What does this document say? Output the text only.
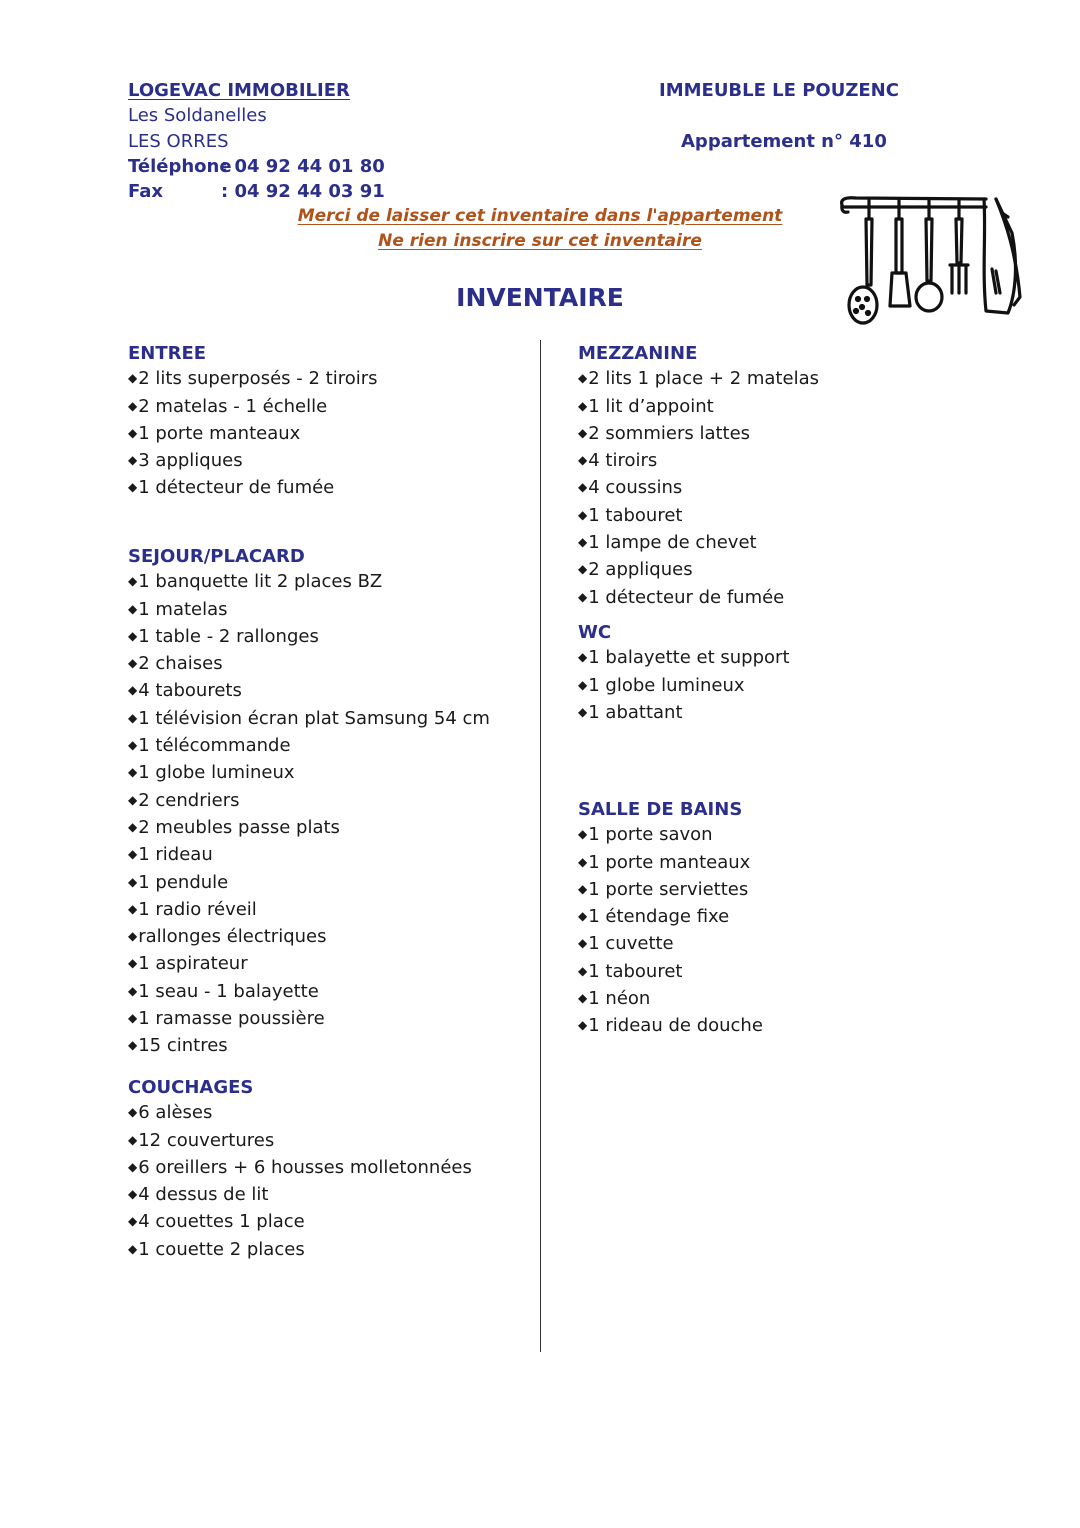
LOGEVAC IMMOBILIER
Les Soldanelles
LES ORRES
Téléphone
: 04 92 44 01 80
Fax	: 04 92 44 03 91
IMMEUBLE LE POUZENC
Appartement n° 410
Merci de laisser cet inventaire dans l'appartement
Ne rien inscrire sur cet inventaire
INVENTAIRE
ENTREE
◆2 lits superposés - 2 tiroirs
◆2 matelas - 1 échelle
◆1 porte manteaux
◆3 appliques
◆1 détecteur de fumée
SEJOUR/PLACARD
◆1 banquette lit 2 places BZ
◆1 matelas
◆1 table - 2 rallonges
◆2 chaises
◆4 tabourets
◆1 télévision écran plat Samsung 54 cm
◆1 télécommande
◆1 globe lumineux
◆2 cendriers
◆2 meubles passe plats
◆1 rideau
◆1 pendule
◆1 radio réveil
◆rallonges électriques
◆1 aspirateur
◆1 seau - 1 balayette
◆1 ramasse poussière
◆15 cintres
COUCHAGES
◆6 alèses
◆12 couvertures
◆6 oreillers + 6 housses molletonnées
◆4 dessus de lit
◆4 couettes 1 place
◆1 couette 2 places
MEZZANINE
◆2 lits 1 place + 2 matelas
◆1 lit d’appoint
◆2 sommiers lattes
◆4 tiroirs
◆4 coussins
◆1 tabouret
◆1 lampe de chevet
◆2 appliques
◆1 détecteur de fumée
WC
◆1 balayette et support
◆1 globe lumineux
◆1 abattant
SALLE DE BAINS
◆1 porte savon
◆1 porte manteaux
◆1 porte serviettes
◆1 étendage fixe
◆1 cuvette
◆1 tabouret
◆1 néon
◆1 rideau de douche
